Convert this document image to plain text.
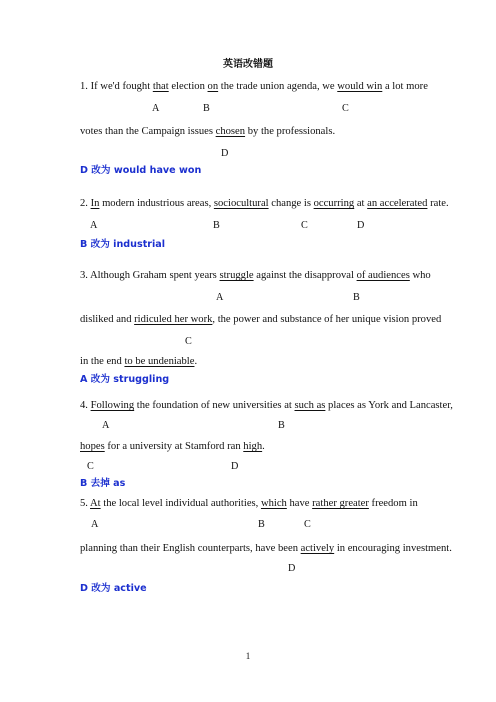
英语改错题
1. If we'd fought that election on the trade union agenda, we would win a lot more
A	B	C
votes than the Campaign issues chosen by the professionals.
D
D 改为 would have won
2. In modern industrious areas, sociocultural change is occurring at an accelerated rate.
A	B	C	D
B 改为 industrial
3. Although Graham spent years struggle against the disapproval of audiences who
A	B
disliked and ridiculed her work, the power and substance of her unique vision proved
C
in the end to be undeniable.
A 改为 struggling
4. Following the foundation of new universities at such as places as York and Lancaster,
A	B
hopes for a university at Stamford ran high.
C	D
B 去掉 as
5. At the local level individual authorities, which have rather greater freedom in
A	B	C
planning than their English counterparts, have been actively in encouraging investment.
D
D 改为 active
1
